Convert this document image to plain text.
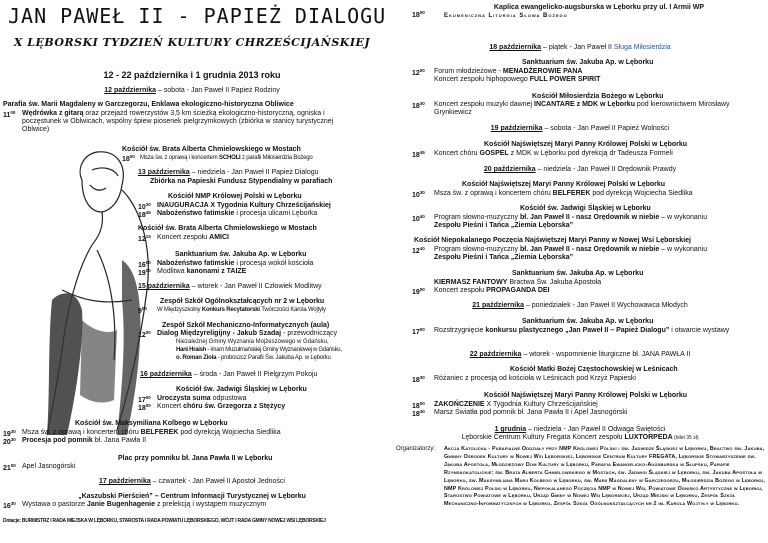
JAN PAWEŁ II - PAPIEŻ DIALOGU
X LĘBORSKI TYDZIEŃ KULTURY CHRZEŚCIJAŃSKIEJ
12 - 22 października i 1 grudnia 2013 roku
12 października – sobota - Jan Paweł II Papież Rodziny
Parafia św. Marii Magdaleny w Garczegorzu, Enklawa ekologiczno-historyczna Obliwice
$11^{00}$ Wędrówka z gitarą oraz przejazd rowerzystów 3,5 km ścieżką ekologiczno-historyczną, ogniska i poczęstunek w Oblwicach, wspólny śpiew piosenek pielgrzymkowych (zbiórka w stanicy turystycznej Oblwice)
Kościół św. Brata Alberta Chmielowskiego w Mostach
$18^{00}$ Msza św. z oprawą i koncertem SCHOLI z parafii Miłosierdzia Bożego
13 października – niedziela - Jan Paweł II Papież Dialogu
Zbiórka na Papieski Fundusz Stypendialny w parafiach
Kościół NMP Królowej Polski w Lęborku
$10^{30}$ INAUGURACJA X Tygodnia Kultury Chrześcijańskiej
$18^{45}$ Nabożeństwo fatimskie i procesja ulicami Lęborka
Kościół św. Brata Alberta Chmielowskiego w Mostach
$12^{15}$ Koncert zespołu AMICI
Sanktuarium św. Jakuba Ap. w Lęborku
$16^{00}$ Nabożeństwo fatimskie i procesja wokół kościoła
$19^{00}$ Modlitwa kanonami z TAIZE
15 października – wtorek - Jan Paweł II Człowiek Modlitwy
Zespół Szkół Ogólnokształcących nr 2 w Lęborku
$9^{00}$ W Międzyszkolny Konkurs Recytatorski Twórczości Karola Wojtyły
Zespół Szkół Mechaniczno-Informatycznych (aula)
$12^{00}$ Dialog Międzyreligijny - Jakub Szadaj - przewodniczący
Niezależnej Gminy Wyznania Mojżeszowego w Gdańsku,
Hani Hraish - imam Muzułmańskiej Gminy Wyznaniowej w Gdańsku,
o. Roman Ziola - proboszcz Parafii Św. Jakuba Ap. w Lęborku
16 października – środa - Jan Paweł II Pielgrzym Pokoju
Kościół św. Jadwigi Śląskiej w Lęborku
$17^{00}$ Uroczysta suma odpustowa
$18^{00}$ Koncert chóru św. Grzegorza z Stężycy
Kościół św. Maksymiliana Kolbego w Lęborku
$19^{30}$ Msza św. z oprawą i koncertem chóru BELFEREK pod dyrekcją Wojciecha Siedlika
$20^{30}$ Procesja pod pomnik bł. Jana Pawła II
Plac przy pomniku bł. Jana Pawła II w Lęborku
$21^{00}$ Apel Jasnogórski
17 października – czwartek - Jan Paweł II Apostoł Jedności
„Kaszubski Pierścień” – Centrum Informacji Turystycznej w Lęborku
$16^{30}$ Wystawa o pastorze Janie Bugenhagenie z prelekcją i wystąpem muzycznym
Dotacje: BURMISTRZ I RADA MIEJSKA W LĘBORKU, STAROSTA I RADA POWIATU LĘBORSKIEGO, WÓJT I RADA GMINY NOWEJ WSI LĘBORSKIEJ
$18^{00}$
Kaplica ewangelicko-augsburska w Lęborku przy ul. I Armii WP
Ekumeniczna Liturgia Słowa Bożego
18 października – piątek - Jan Paweł II Sługa Miłosierdzia
Sanktuarium św. Jakuba Ap. w Lęborku
$12^{00}$ Forum młodzieżowe - MENADŻEROWIE PANA
Koncert zespołu hiphopowego FULL POWER SPIRIT
Kościół Miłosierdzia Bożego w Lęborku
$18^{30}$ Koncert zespołu muzyki dawnej INCANTARE z MDK w Lęborku pod kierownictwem Mirosławy Grynkiewicz
19 października – sobota - Jan Paweł II Papież Wolności
Kościół Najświętszej Maryi Panny Królowej Polski w Lęborku
$18^{45}$ Koncert chóru GOSPEL z MDK w Lęborku pod dyrekcją dr Tadeusza Formeli
20 października – niedziela - Jan Paweł II Orędownik Prawdy
Kościół Najświętszej Maryi Panny Królowej Polski w Lęborku
$10^{30}$ Msza św. z oprawą i koncertem chóru BELFEREK pod dyrekcją Wojciecha Siedlika
Kościół św. Jadwigi Śląskiej w Lęborku
$10^{40}$ Program słowno-muzyczny bł. Jan Paweł II - nasz Orędownik w niebie – w wykonaniu
Zespołu Pieśni i Tańca „Ziemia Lęborska”
Kościół Niepokalanego Poczęcia Najświętszej Maryi Panny w Nowej Wsi Lęborskiej
$12^{40}$ Program słowno-muzyczny bł. Jan Paweł II - nasz Orędownik w niebie – w wykonaniu
Zespołu Pieśni i Tańca „Ziemia Lęborska”
Sanktuarium św. Jakuba Ap. w Lęborku
$19^{00}$
KIERMASZ FANTOWY Bractwa Św. Jakuba Apostoła
Koncert zespołu PROPAGANDA DEI
21 października – poniedziałek - Jan Paweł II Wychowawca Młodych
Sanktuarium św. Jakuba Ap. w Lęborku
$17^{00}$ Rozstrzygnięcie konkursu plastycznego „Jan Paweł II – Papież Dialogu” i otwarcie wystawy
22 października – wtorek - wspomnienie liturgiczne bł. JANA PAWŁA II
Kościół Matki Bożej Częstochowskiej w Leśnicach
$18^{30}$ Różaniec z procesją od kościoła w Leśnicach pod Krzyż Papieski
Kościół Najświętszej Maryi Panny Królowej Polski w Lęborku
$18^{00}$ ZAKOŃCZENIE X Tygodnia Kultury Chrześcijańskiej
$18^{40}$ Marsz Światła pod pomnik bł. Jana Pawła II i Apel Jasnogórski
1 grudnia – niedziela - Jan Paweł II Odwaga Świętości
Lęborskie Centrum Kultury Fregata Koncert zespołu LUXTORPEDA (bilet 35 zł)
Organizatorzy: Akcja Katolicka - Parafialne Oddziały przy NMP Królowej Polski i św. Jadwidze Śląskiej w Lęborku, Bractwo św. Jakuba, Gminny Ośrodek Kultury w Nowej Wsi Lęborskiej, Lęborskie Centrum Kultury FREGATA, Lęborskie Stowarzyszenie św. Jakuba Apostoła, Młodzieżowy Dom Kultury w Lęborku, Parafia Ewangelicko-Augsburska w Słupsku, Parafie Rzymskokatolickie: św. Brata Alberta Chmielowskiego w Mostach, św. Jadwigi Śląskiej w Lęborku, św. Jakuba Apostoła w Lęborku, św. Maksymiliana Marii Kolbego w Lęborku, św. Marii Magdaleny w Garczegorzu, Miłosierdzia Bożego w Lęborku, NMP Królowej Polski w Lęborku, Niepokalanego Poczęcia NMP w Nowej Wsi, Powiatowe Ognisko Artystyczne w Lęborku, Starostwo Powiatowe w Lęborku, Urząd Gminy w Nowej Wsi Lęborskiej, Urząd Miejski w Lęborku, Zespół Szkół Mechaniczno-Informatycznych w Lęborku, Zespół Szkół Ogólnokształcących nr 2 im. Karola Wojtyły w Lęborku.
